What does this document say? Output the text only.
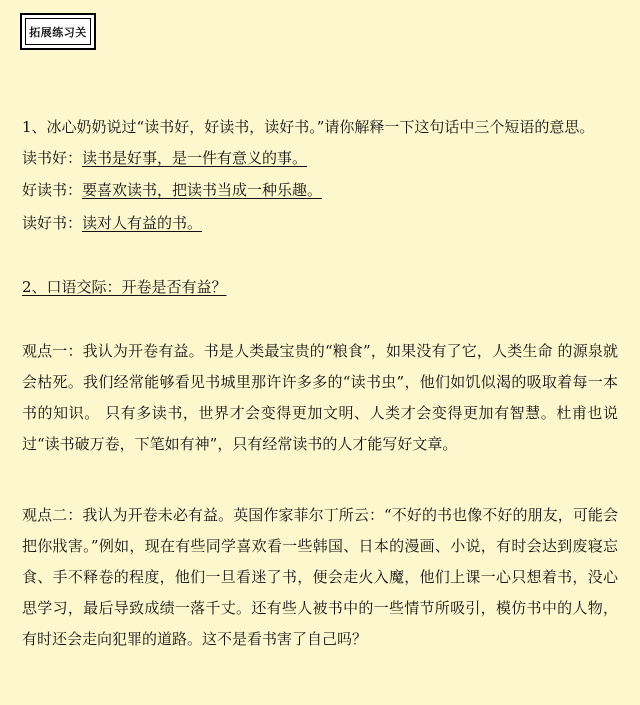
拓展练习关
1、冰心奶奶说过“读书好，好读书，读好书。”请你解释一下这句话中三个短语的意思。
读书好：读书是好事，是一件有意义的事。
好读书：要喜欢读书，把读书当成一种乐趣。
读好书：读对人有益的书。
2、口语交际：开卷是否有益？

观点一：我认为开卷有益。书是人类最宝贵的“粮食”，如果没有了它，人类生命 的源泉就会枯死。我们经常能够看见书城里那许许多多的“读书虫”，他们如饥似渴的吸取着每一本书的知识。 只有多读书，世界才会变得更加文明、人类才会变得更加有智慧。杜甫也说过“读书破万卷，下笔如有神”，只有经常读书的人才能写好文章。

观点二：我认为开卷未必有益。英国作家菲尔丁所云：“不好的书也像不好的朋友，可能会把你戕害。”例如，现在有些同学喜欢看一些韩国、日本的漫画、小说，有时会达到废寝忘食、手不释卷的程度，他们一旦看迷了书，便会走火入魔，他们上课一心只想着书，没心思学习，最后导致成绩一落千丈。还有些人被书中的一些情节所吸引，模仿书中的人物，有时还会走向犯罪的道路。这不是看书害了自己吗？
